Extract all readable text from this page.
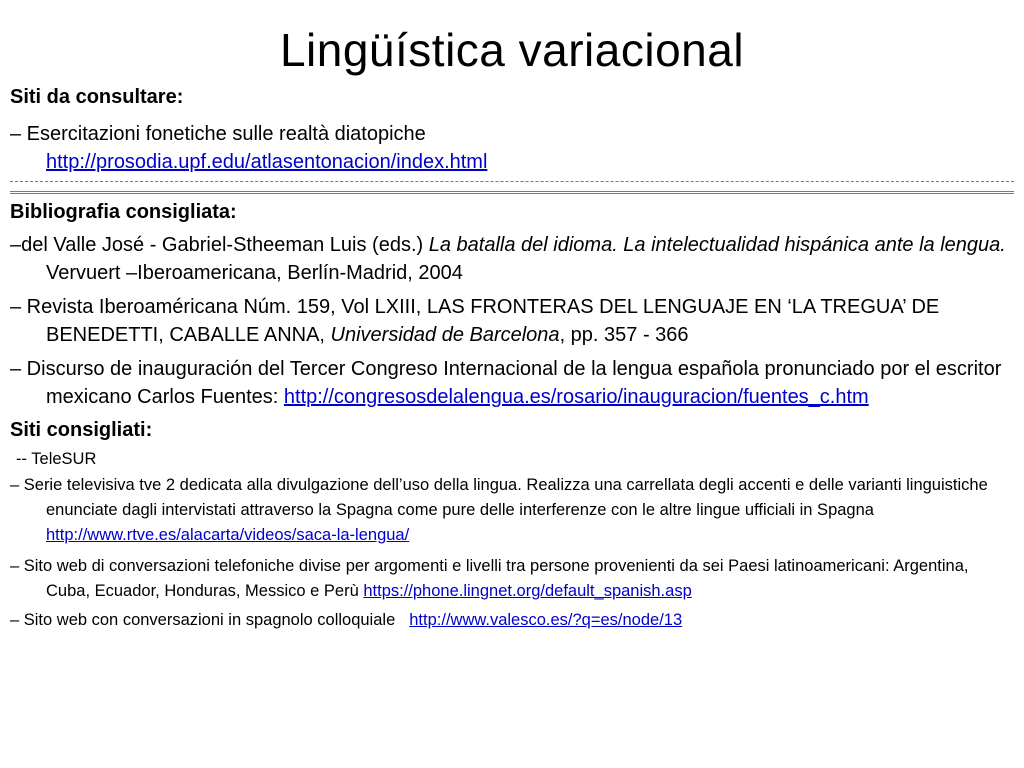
Lingüística variacional

Siti da consultare:

– Esercitazioni fonetiche sulle realtà diatopiche
http://prosodia.upf.edu/atlasentonacion/index.html

Bibliografia consigliata:

–del Valle José - Gabriel-Stheeman Luis (eds.) La batalla del idioma. La intelectualidad hispánica ante la lengua. Vervuert –Iberoamericana, Berlín-Madrid, 2004

– Revista Iberoaméricana Núm. 159, Vol LXIII, LAS FRONTERAS DEL LENGUAJE EN ‘LA TREGUA’ DE BENEDETTI, CABALLE ANNA, Universidad de Barcelona, pp. 357 - 366

– Discurso de inauguración del Tercer Congreso Internacional de la lengua española pronunciado por el escritor mexicano Carlos Fuentes: http://congresosdelalengua.es/rosario/inauguracion/fuentes_c.htm

Siti consigliati:

-- TeleSUR

– Serie televisiva tve 2 dedicata alla divulgazione dell’uso della lingua. Realizza una carrellata degli accenti e delle varianti linguistiche enunciate dagli intervistati attraverso la Spagna come pure delle interferenze con le altre lingue ufficiali in Spagnahttp://www.rtve.es/alacarta/videos/saca-la-lengua/

– Sito web di conversazioni telefoniche divise per argomenti e livelli tra persone provenienti da sei Paesi latinoamericani: Argentina, Cuba, Ecuador, Honduras, Messico e Perù https://phone.lingnet.org/default_spanish.asp

– Sito web con conversazioni in spagnolo colloquiale http://www.valesco.es/?q=es/node/13
